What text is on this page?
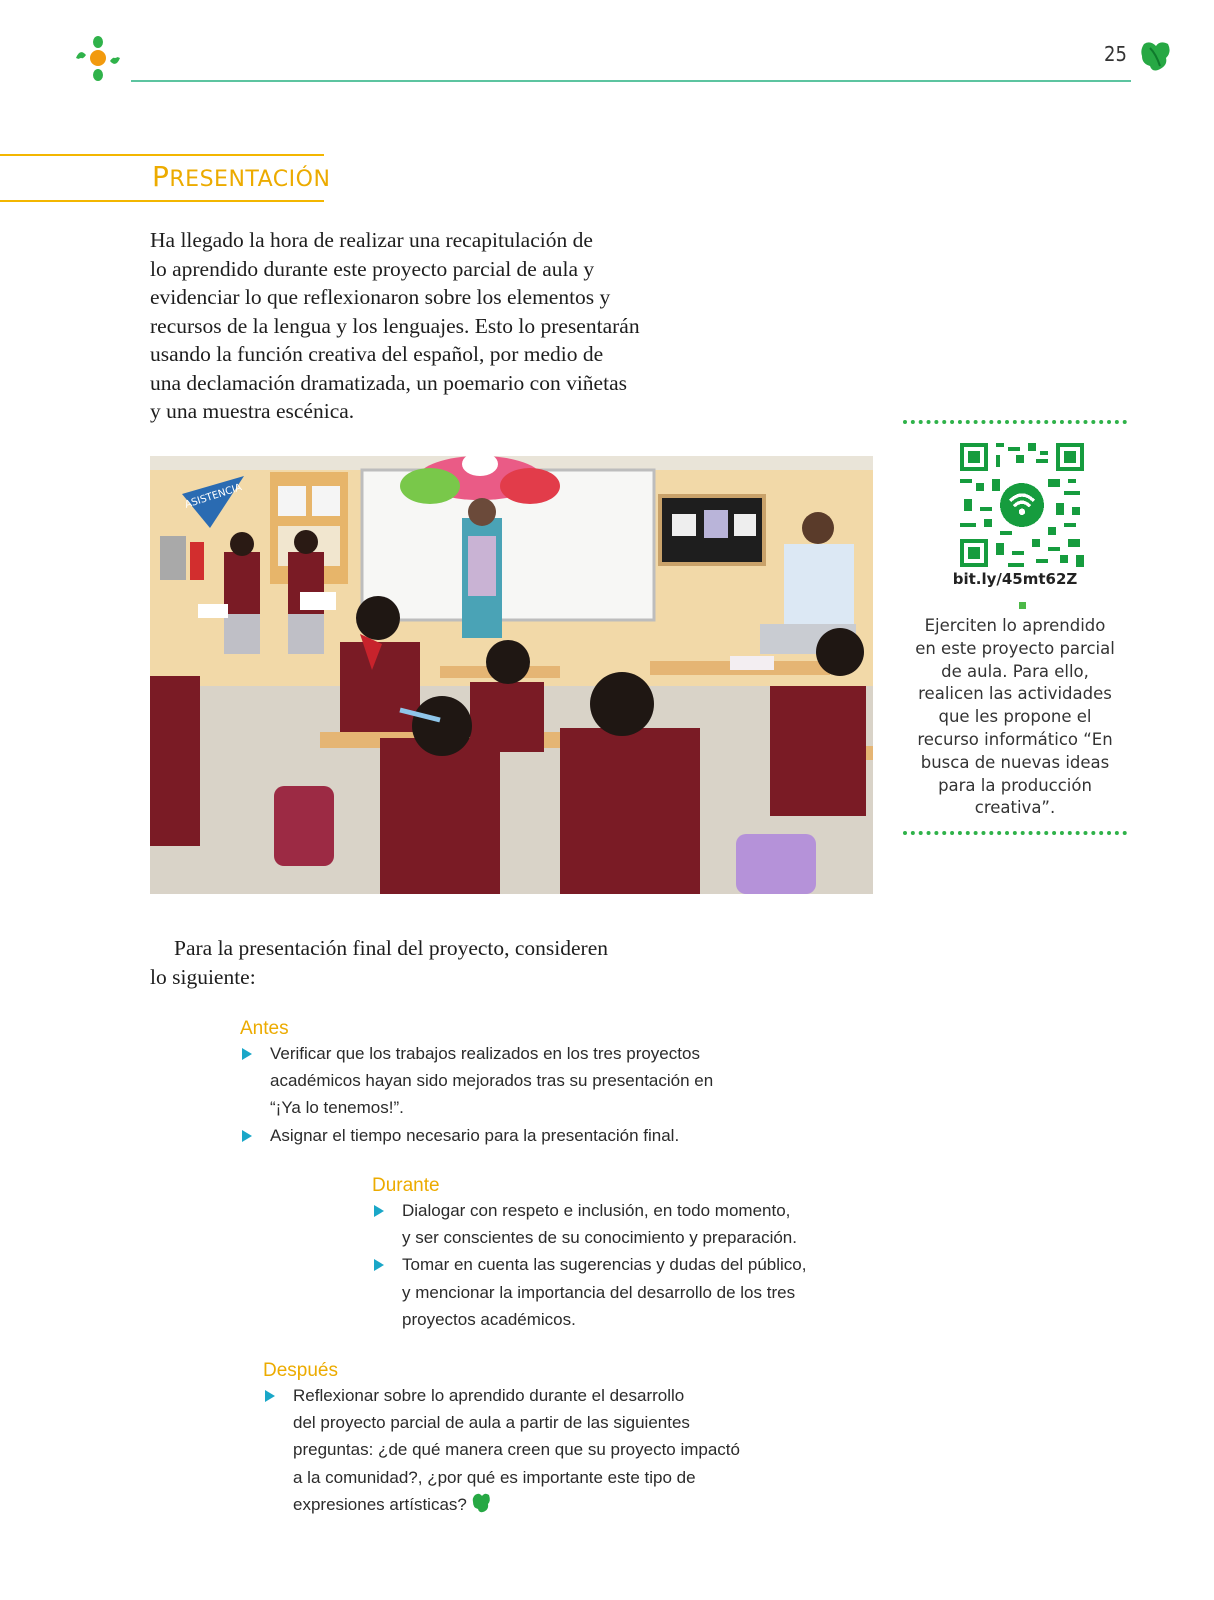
25
PRESENTACIÓN
Ha llegado la hora de realizar una recapitulación de
lo aprendido durante este proyecto parcial de aula y
evidenciar lo que reflexionaron sobre los elementos y
recursos de la lengua y los lenguajes. Esto lo presentarán
usando la función creativa del español, por medio de
una declamación dramatizada, un poemario con viñetas
y una muestra escénica.
ASISTENCIA
bit.ly/45mt62Z
Ejerciten lo aprendido
en este proyecto parcial
de aula. Para ello,
realicen las actividades
que les propone el
recurso informático “En
busca de nuevas ideas
para la producción
creativa”.
Para la presentación final del proyecto, consideren
lo siguiente:
Antes
Verificar que los trabajos realizados en los tres proyectos
académicos hayan sido mejorados tras su presentación en
“¡Ya lo tenemos!”.
Asignar el tiempo necesario para la presentación final.
Durante
Dialogar con respeto e inclusión, en todo momento,
y ser conscientes de su conocimiento y preparación.
Tomar en cuenta las sugerencias y dudas del público,
y mencionar la importancia del desarrollo de los tres
proyectos académicos.
Después
Reflexionar sobre lo aprendido durante el desarrollo
del proyecto parcial de aula a partir de las siguientes
preguntas: ¿de qué manera creen que su proyecto impactó
a la comunidad?, ¿por qué es importante este tipo de
expresiones artísticas?
